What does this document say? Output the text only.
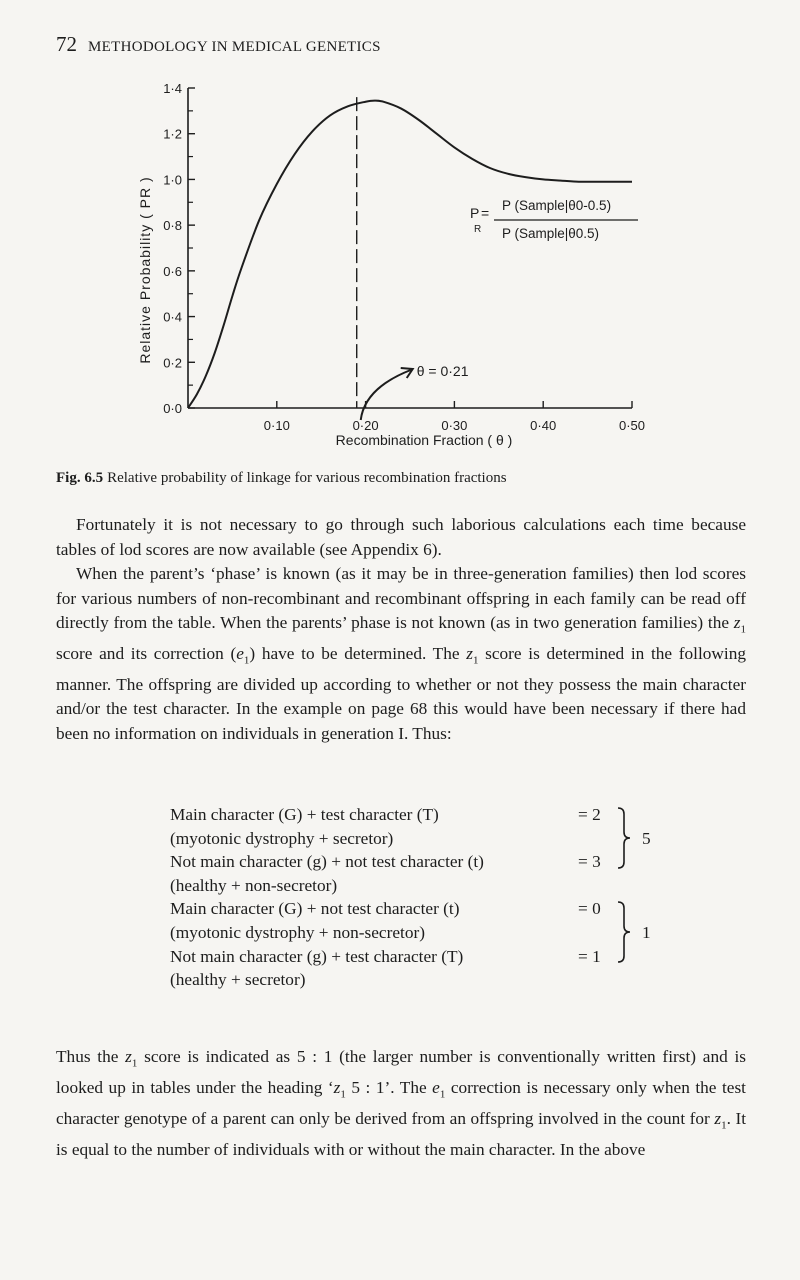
72 METHODOLOGY IN MEDICAL GENETICS
0·0
0·2
0·4
0·6
0·8
1·0
1·2
1·4
0·10	0·20	0·30	0·40	0·50
θ = 0·21
P
R
= P (Sample|θ0-0.5)
P (Sample|θ0.5)
Recombination Fraction ( θ )
Relative Probability ( PR )
Fig. 6.5 Relative probability of linkage for various recombination fractions

Fortunately it is not necessary to go through such laborious calculations each time because tables of lod scores are now available (see Appendix 6).

When the parent’s ‘phase’ is known (as it may be in three-generation families) then lod scores for various numbers of non-recombinant and recombinant offspring in each family can be read off directly from the table. When the parents’ phase is not known (as in two generation families) the $z_1$ score and its correction $(e_1)$ have to be determined. The $z_1$ score is determined in the following manner. The offspring are divided up according to whether or not they possess the main character and/or the test character. In the example on page 68 this would have been necessary if there had been no information on individuals in generation I. Thus:

Main character (G) + test character (T)	= 2
(myotonic dystrophy + secretor)
Not main character (g) + not test character (t)	= 3
(healthy + non-secretor)
Main character (G) + not test character (t)	= 0
(myotonic dystrophy + non-secretor)
Not main character (g) + test character (T)	= 1
(healthy + secretor)
5
1

Thus the $z_1$ score is indicated as 5 : 1 (the larger number is conventionally written first) and is looked up in tables under the heading ‘$z_1$ 5 : 1’. The $e_1$ correction is necessary only when the test character genotype of a parent can only be derived from an offspring involved in the count for $z_1$. It is equal to the number of individuals with or without the main character. In the above
